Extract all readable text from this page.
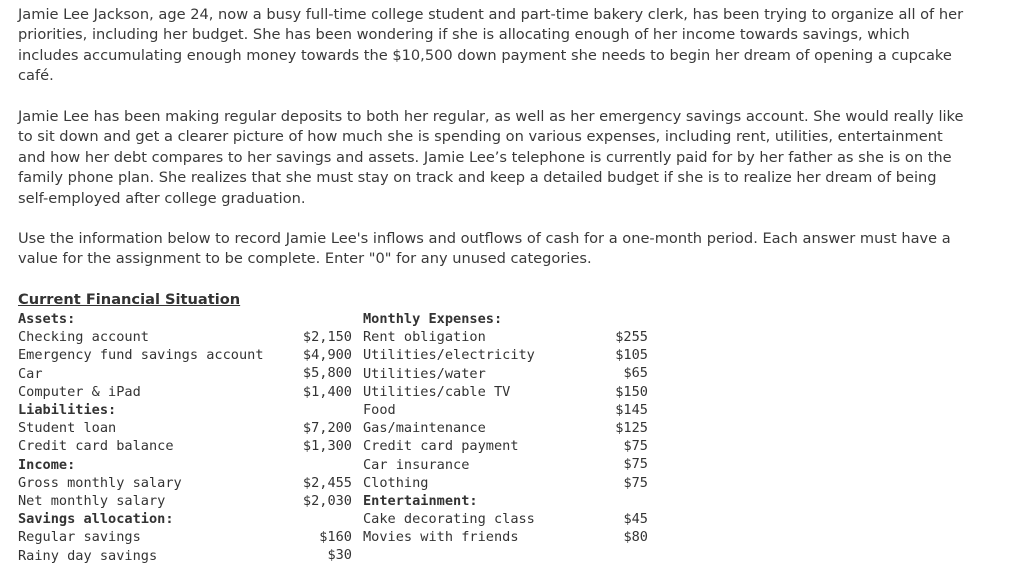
Jamie Lee Jackson, age 24, now a busy full-time college student and part-time bakery clerk, has been trying to organize all of her priorities, including her budget. She has been wondering if she is allocating enough of her income towards savings, which includes accumulating enough money towards the $10,500 down payment she needs to begin her dream of opening a cupcake café.

Jamie Lee has been making regular deposits to both her regular, as well as her emergency savings account. She would really like to sit down and get a clearer picture of how much she is spending on various expenses, including rent, utilities, entertainment and how her debt compares to her savings and assets. Jamie Lee’s telephone is currently paid for by her father as she is on the family phone plan. She realizes that she must stay on track and keep a detailed budget if she is to realize her dream of being self-employed after college graduation.

Use the information below to record Jamie Lee's inflows and outflows of cash for a one-month period. Each answer must have a value for the assignment to be complete. Enter "0" for any unused categories.

Current Financial Situation
Assets:
Checking account	$2,150
Emergency fund savings account	$4,900
Car	$5,800
Computer & iPad	$1,400
Liabilities:
Student loan	$7,200
Credit card balance	$1,300
Income:
Gross monthly salary	$2,455
Net monthly salary	$2,030
Savings allocation:
Regular savings	$160
Rainy day savings	$30
Monthly Expenses:
Rent obligation	$255
Utilities/electricity	$105
Utilities/water	$65
Utilities/cable TV	$150
Food	$145
Gas/maintenance	$125
Credit card payment	$75
Car insurance	$75
Clothing	$75
Entertainment:
Cake decorating class	$45
Movies with friends	$80
